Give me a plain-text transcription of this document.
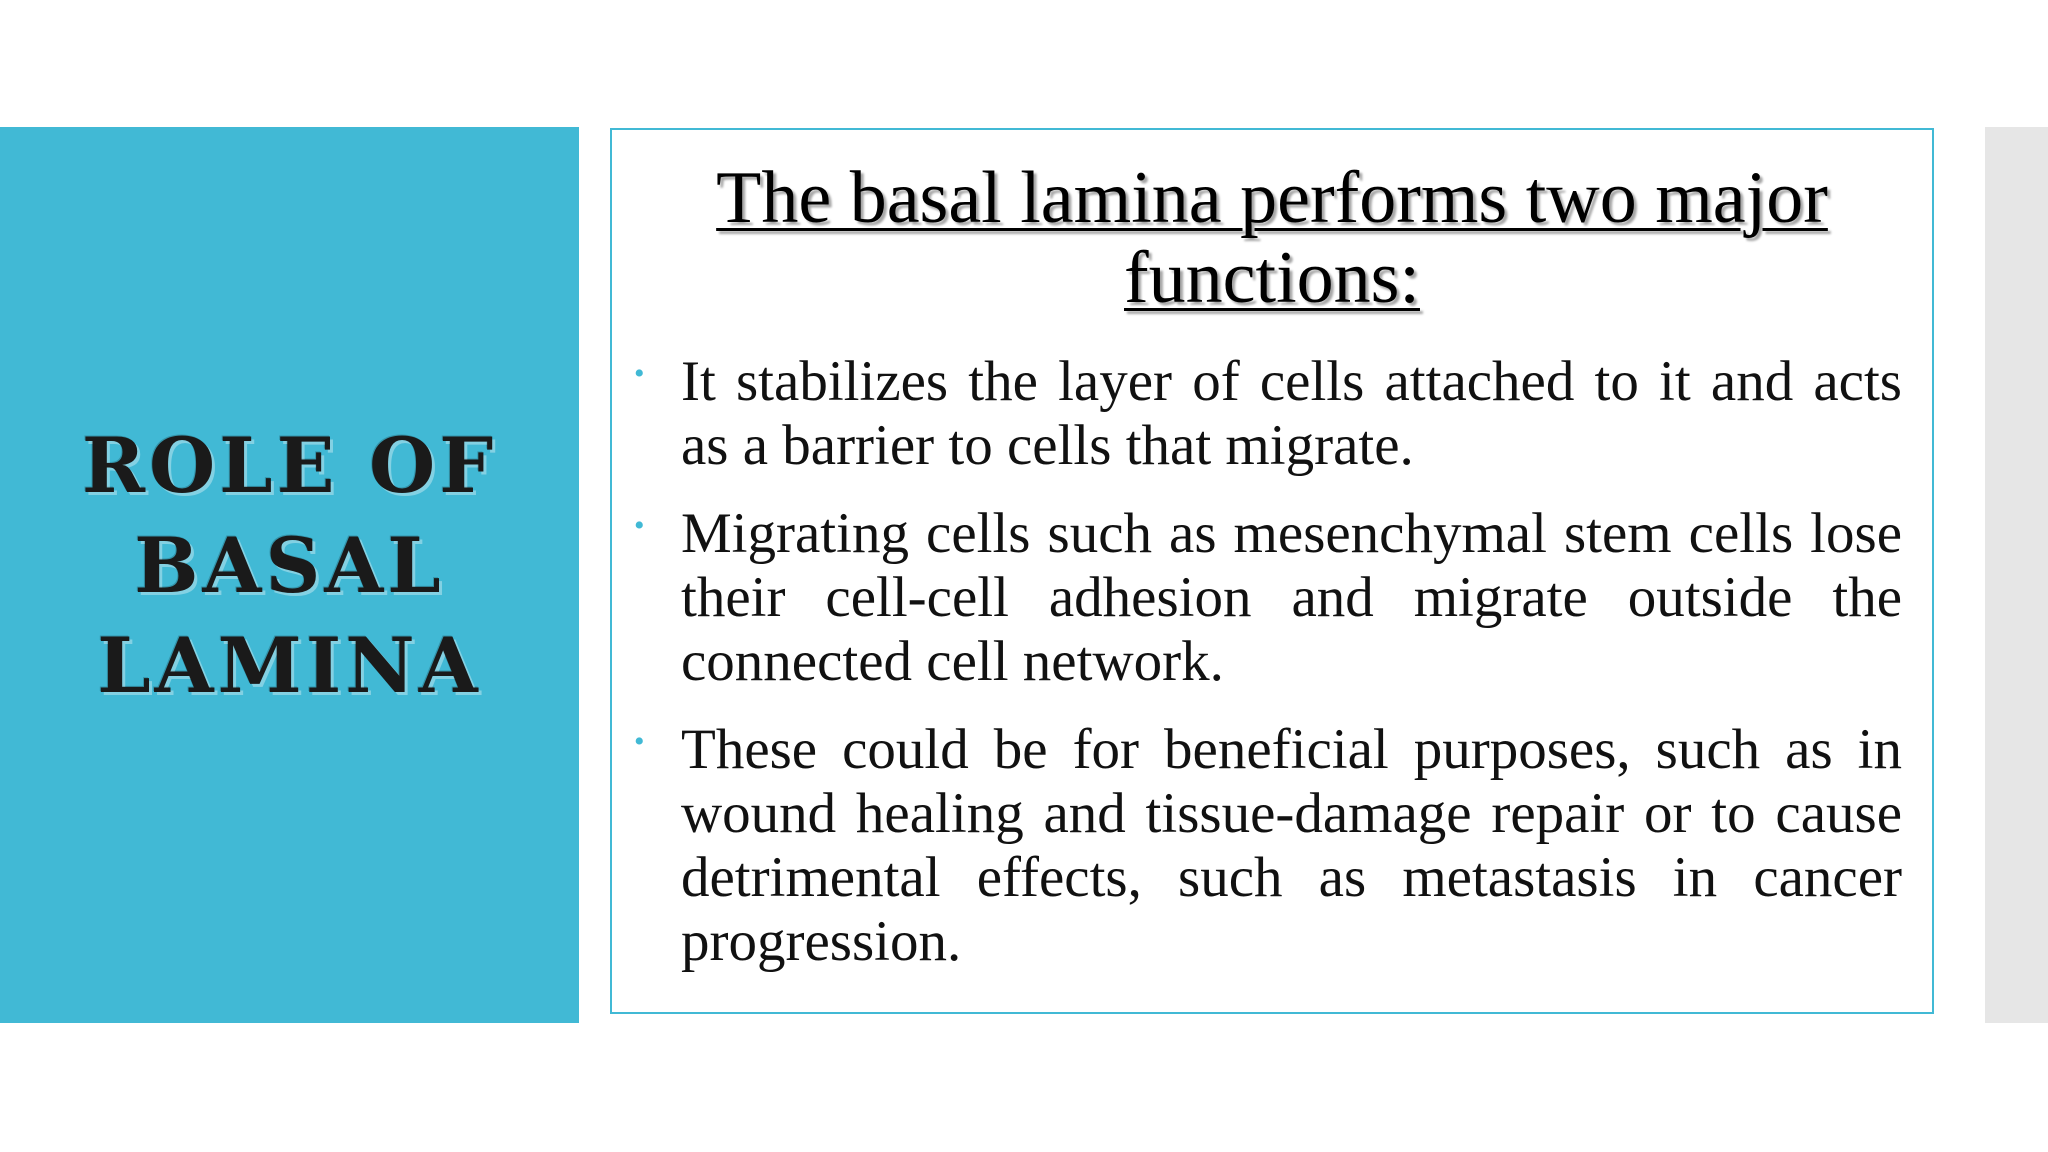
ROLE OF
BASAL
LAMINA
The basal lamina performs two major
functions:
• It stabilizes the layer of cells attached to it and acts as a barrier to cells that migrate.
• Migrating cells such as mesenchymal stem cells lose their cell-cell adhesion and migrate outside the connected cell network.
• These could be for beneficial purposes, such as in wound healing and tissue-damage repair or to cause detrimental effects, such as metastasis in cancer progression.
